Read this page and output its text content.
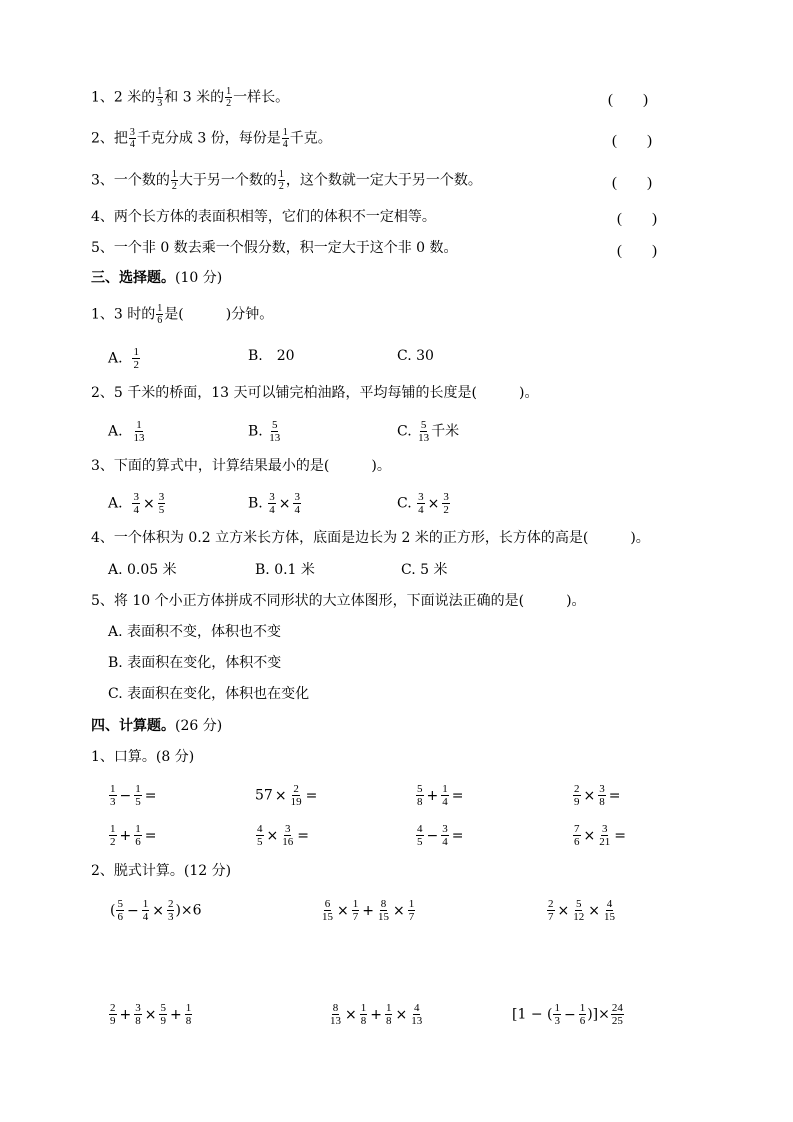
1、2 米的 $\frac{1}{3}$ 和 3 米的 $\frac{1}{2}$ 一样长。	(　　)
2、把 $\frac{3}{4}$ 千克分成 3 份，每份是 $\frac{1}{4}$ 千克。	(　　)
3、一个数的 $\frac{1}{2}$ 大于另一个数的 $\frac{1}{2}$ ，这个数就一定大于另一个数。	(　　)
4、两个长方体的表面积相等，它们的体积不一定相等。	(　　)
5、一个非 0 数去乘一个假分数，积一定大于这个非 0 数。	(　　)
三、选择题。(10 分)
1、3 时的 $\frac{1}{6}$ 是(　　　)分钟。
A. $\frac{1}{2}$	B.　20	C. 30
2、5 千米的桥面，13 天可以铺完柏油路，平均每铺的长度是(　　　)。
A. $\frac{1}{13}$	B. $\frac{5}{13}$	C. $\frac{5}{13}$ 千米
3、下面的算式中，计算结果最小的是(　　　)。
A. $\frac{3}{4} \times \frac{3}{5}$	B. $\frac{3}{4} \times \frac{3}{4}$	C. $\frac{3}{4} \times \frac{3}{2}$
4、一个体积为 0.2 立方米长方体，底面是边长为 2 米的正方形，长方体的高是(　　　)。
A. 0.05 米	B. 0.1 米	C. 5 米
5、将 10 个小正方体拼成不同形状的大立体图形，下面说法正确的是(　　　)。
A. 表面积不变，体积也不变
B. 表面积在变化，体积不变
C. 表面积在变化，体积也在变化
四、计算题。(26 分)
1、口算。(8 分)
$\frac{1}{3} - \frac{1}{5}$ =	$57 \times \frac{2}{19}$ =	$\frac{5}{8} + \frac{1}{4}$ =	$\frac{2}{9} \times \frac{3}{8}$ =
$\frac{1}{2} + \frac{1}{6}$ =	$\frac{4}{5} \times \frac{3}{16}$ =	$\frac{4}{5} - \frac{3}{4}$ =	$\frac{7}{6} \times \frac{3}{21}$ =
2、脱式计算。(12 分)
( $\frac{5}{6} - \frac{1}{4} \times \frac{2}{3} )\times 6$	$\frac{6}{15} \times \frac{1}{7} + \frac{8}{15} \times \frac{1}{7}$	$\frac{2}{7} \times \frac{5}{12} \times \frac{4}{15}$
$\frac{2}{9} + \frac{3}{8} \times \frac{5}{9} + \frac{1}{8}$	$\frac{8}{13} \times \frac{1}{8} + \frac{1}{8} \times \frac{4}{13}$	[1 − ( $\frac{1}{3} - \frac{1}{6}$ )]× $\frac{24}{25}$
